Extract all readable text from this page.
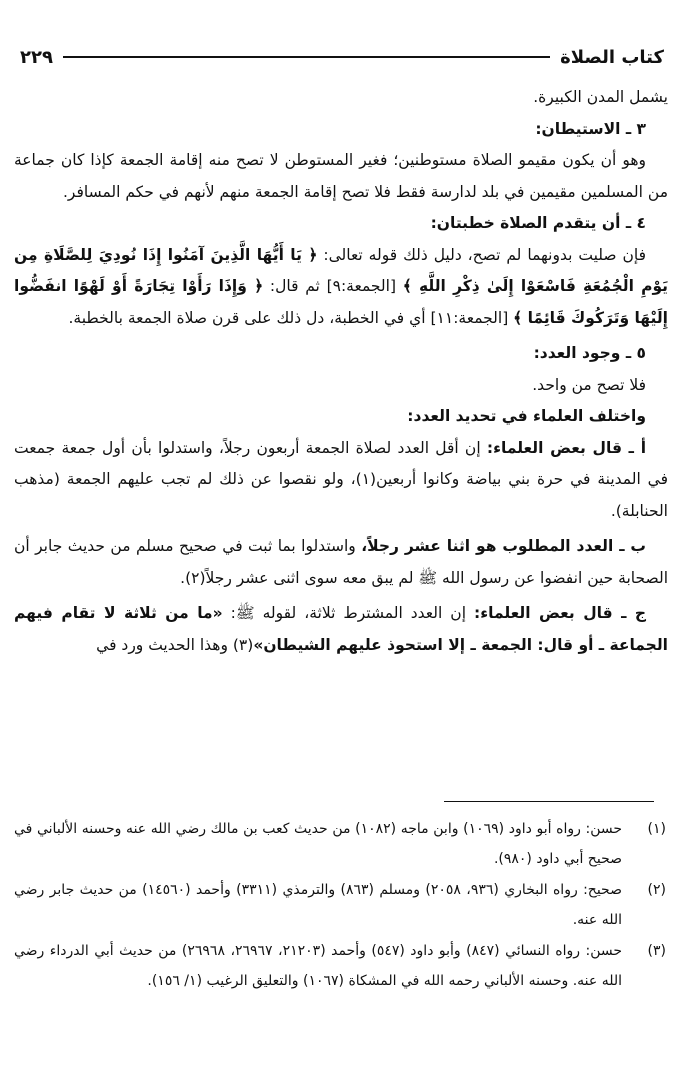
كتاب الصلاة
٢٢٩

يشمل المدن الكبيرة.

٣ ـ الاستيطان:

وهو أن يكون مقيمو الصلاة مستوطنين؛ فغير المستوطن لا تصح منه إقامة الجمعة كإذا كان جماعة من المسلمين مقيمين في بلد لدارسة فقط فلا تصح إقامة الجمعة منهم لأنهم في حكم المسافر.

٤ ـ أن يتقدم الصلاة خطبتان:

فإن صليت بدونهما لم تصح، دليل ذلك قوله تعالى: ﴿ يَا أَيُّهَا الَّذِينَ آمَنُوا إِذَا نُودِيَ لِلصَّلَاةِ مِن يَوْمِ الْجُمُعَةِ فَاسْعَوْا إِلَىٰ ذِكْرِ اللَّهِ ﴾ [الجمعة:٩] ثم قال: ﴿ وَإِذَا رَأَوْا تِجَارَةً أَوْ لَهْوًا انفَضُّوا إِلَيْهَا وَتَرَكُوكَ قَائِمًا ﴾ [الجمعة:١١] أي في الخطبة، دل ذلك على قرن صلاة الجمعة بالخطبة.

٥ ـ وجود العدد:

فلا تصح من واحد.

واختلف العلماء في تحديد العدد:

أ ـ قال بعض العلماء: إن أقل العدد لصلاة الجمعة أربعون رجلاً، واستدلوا بأن أول جمعة جمعت في المدينة في حرة بني بياضة وكانوا أربعين(١)، ولو نقصوا عن ذلك لم تجب عليهم الجمعة (مذهب الحنابلة).

ب ـ العدد المطلوب هو اثنا عشر رجلاً، واستدلوا بما ثبت في صحيح مسلم من حديث جابر أن الصحابة حين انفضوا عن رسول الله ﷺ لم يبق معه سوى اثنى عشر رجلاً(٢).

ج ـ قال بعض العلماء: إن العدد المشترط ثلاثة، لقوله ﷺ: «ما من ثلاثة لا تقام فيهم الجماعة ـ أو قال: الجمعة ـ إلا استحوذ عليهم الشيطان»(٣) وهذا الحديث ورد في

(١)
حسن: رواه أبو داود (١٠٦٩) وابن ماجه (١٠٨٢) من حديث كعب بن مالك رضي الله عنه وحسنه الألباني في صحيح أبي داود (٩٨٠).
(٢)
صحيح: رواه البخاري (٩٣٦، ٢٠٥٨) ومسلم (٨٦٣) والترمذي (٣٣١١) وأحمد (١٤٥٦٠) من حديث جابر رضي الله عنه.
(٣)
حسن: رواه النسائي (٨٤٧) وأبو داود (٥٤٧) وأحمد (٢١٢٠٣، ٢٦٩٦٧، ٢٦٩٦٨) من حديث أبي الدرداء رضي الله عنه. وحسنه الألباني رحمه الله في المشكاة (١٠٦٧) والتعليق الرغيب (١/ ١٥٦).
